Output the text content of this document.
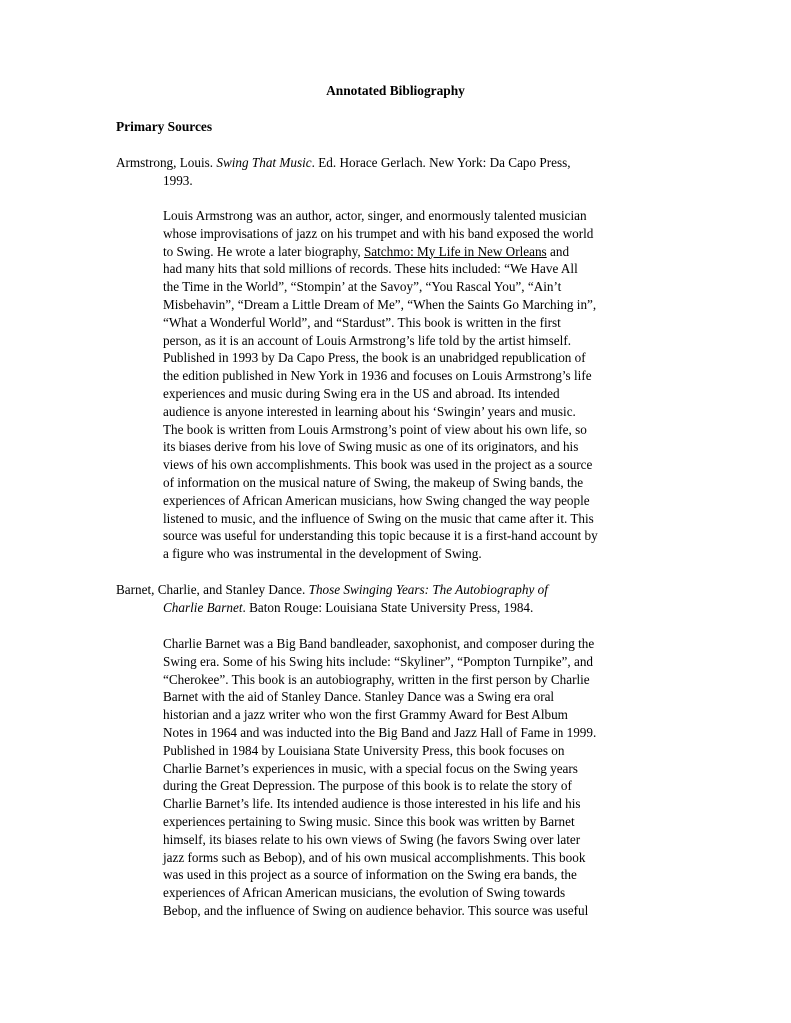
Annotated Bibliography
Primary Sources
Armstrong, Louis. Swing That Music. Ed. Horace Gerlach. New York: Da Capo Press,
1993.
Louis Armstrong was an author, actor, singer, and enormously talented musician
whose improvisations of jazz on his trumpet and with his band exposed the world
to Swing. He wrote a later biography, Satchmo: My Life in New Orleans and
had many hits that sold millions of records. These hits included: “We Have All
the Time in the World”, “Stompin’ at the Savoy”, “You Rascal You”, “Ain’t
Misbehavin”, “Dream a Little Dream of Me”, “When the Saints Go Marching in”,
“What a Wonderful World”, and “Stardust”. This book is written in the first
person, as it is an account of Louis Armstrong’s life told by the artist himself.
Published in 1993 by Da Capo Press, the book is an unabridged republication of
the edition published in New York in 1936 and focuses on Louis Armstrong’s life
experiences and music during Swing era in the US and abroad. Its intended
audience is anyone interested in learning about his ‘Swingin’ years and music.
The book is written from Louis Armstrong’s point of view about his own life, so
its biases derive from his love of Swing music as one of its originators, and his
views of his own accomplishments. This book was used in the project as a source
of information on the musical nature of Swing, the makeup of Swing bands, the
experiences of African American musicians, how Swing changed the way people
listened to music, and the influence of Swing on the music that came after it. This
source was useful for understanding this topic because it is a first-hand account by
a figure who was instrumental in the development of Swing.
Barnet, Charlie, and Stanley Dance. Those Swinging Years: The Autobiography of
Charlie Barnet. Baton Rouge: Louisiana State University Press, 1984.
Charlie Barnet was a Big Band bandleader, saxophonist, and composer during the
Swing era. Some of his Swing hits include: “Skyliner”, “Pompton Turnpike”, and
“Cherokee”. This book is an autobiography, written in the first person by Charlie
Barnet with the aid of Stanley Dance. Stanley Dance was a Swing era oral
historian and a jazz writer who won the first Grammy Award for Best Album
Notes in 1964 and was inducted into the Big Band and Jazz Hall of Fame in 1999.
Published in 1984 by Louisiana State University Press, this book focuses on
Charlie Barnet’s experiences in music, with a special focus on the Swing years
during the Great Depression. The purpose of this book is to relate the story of
Charlie Barnet’s life. Its intended audience is those interested in his life and his
experiences pertaining to Swing music. Since this book was written by Barnet
himself, its biases relate to his own views of Swing (he favors Swing over later
jazz forms such as Bebop), and of his own musical accomplishments. This book
was used in this project as a source of information on the Swing era bands, the
experiences of African American musicians, the evolution of Swing towards
Bebop, and the influence of Swing on audience behavior. This source was useful
